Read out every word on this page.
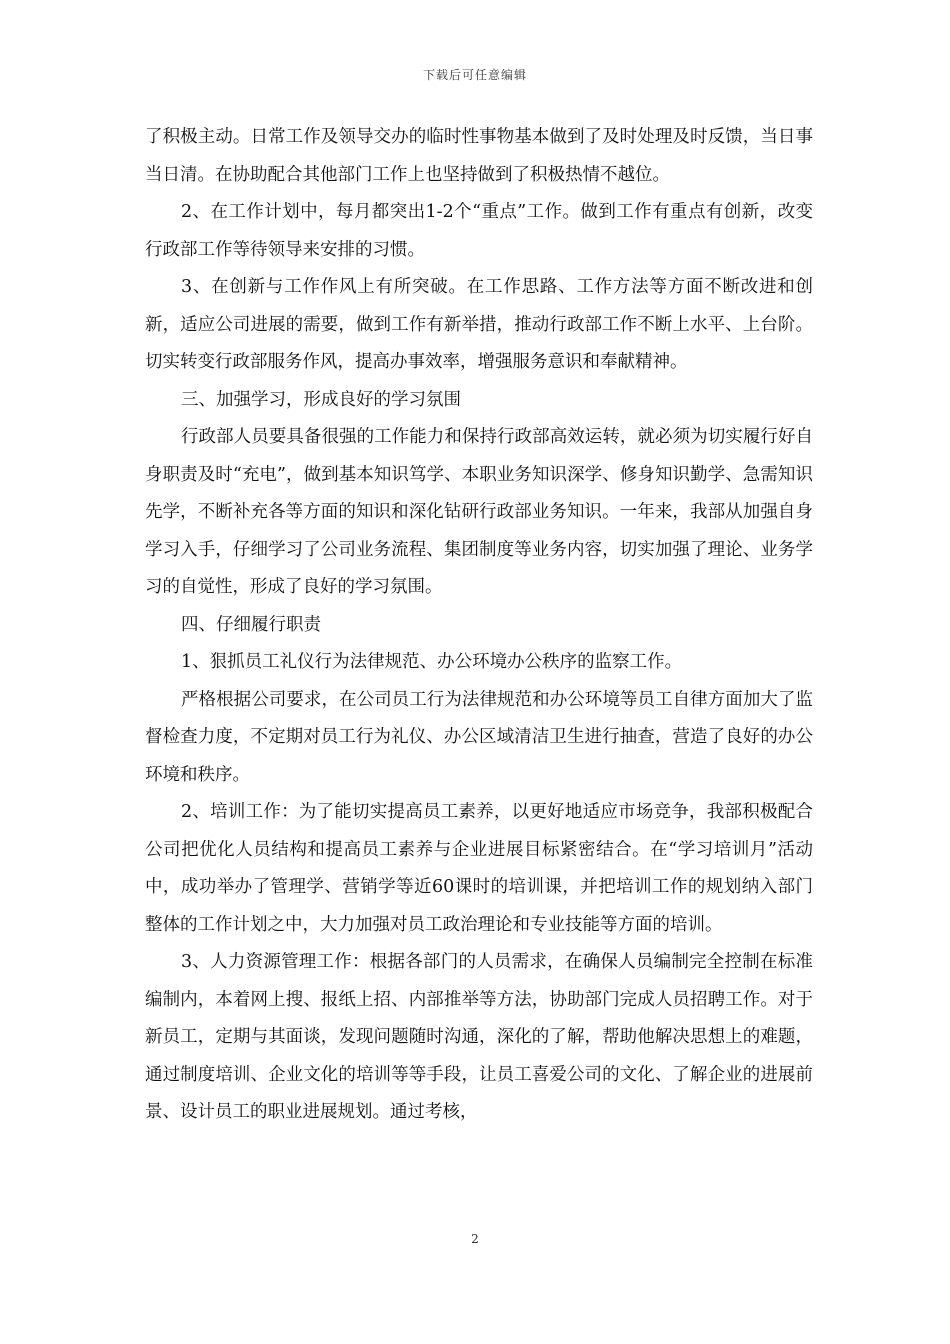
下载后可任意编辑

了积极主动。日常工作及领导交办的临时性事物基本做到了及时处理及时反馈，当日事当日清。在协助配合其他部门工作上也坚持做到了积极热情不越位。

2、在工作计划中，每月都突出1-2个“重点”工作。做到工作有重点有创新，改变行政部工作等待领导来安排的习惯。

3、在创新与工作作风上有所突破。在工作思路、工作方法等方面不断改进和创新，适应公司进展的需要，做到工作有新举措，推动行政部工作不断上水平、上台阶。切实转变行政部服务作风，提高办事效率，增强服务意识和奉献精神。

三、加强学习，形成良好的学习氛围

行政部人员要具备很强的工作能力和保持行政部高效运转，就必须为切实履行好自身职责及时“充电”，做到基本知识笃学、本职业务知识深学、修身知识勤学、急需知识先学，不断补充各等方面的知识和深化钻研行政部业务知识。一年来，我部从加强自身学习入手，仔细学习了公司业务流程、集团制度等业务内容，切实加强了理论、业务学习的自觉性，形成了良好的学习氛围。

四、仔细履行职责

1、狠抓员工礼仪行为法律规范、办公环境办公秩序的监察工作。

严格根据公司要求，在公司员工行为法律规范和办公环境等员工自律方面加大了监督检查力度，不定期对员工行为礼仪、办公区域清洁卫生进行抽查，营造了良好的办公环境和秩序。

2、培训工作：为了能切实提高员工素养，以更好地适应市场竞争，我部积极配合公司把优化人员结构和提高员工素养与企业进展目标紧密结合。在“学习培训月”活动中，成功举办了管理学、营销学等近60课时的培训课，并把培训工作的规划纳入部门整体的工作计划之中，大力加强对员工政治理论和专业技能等方面的培训。

3、人力资源管理工作：根据各部门的人员需求，在确保人员编制完全控制在标准编制内，本着网上搜、报纸上招、内部推举等方法，协助部门完成人员招聘工作。对于新员工，定期与其面谈，发现问题随时沟通，深化的了解，帮助他解决思想上的难题，通过制度培训、企业文化的培训等等手段，让员工喜爱公司的文化、了解企业的进展前景、设计员工的职业进展规划。通过考核，

2
